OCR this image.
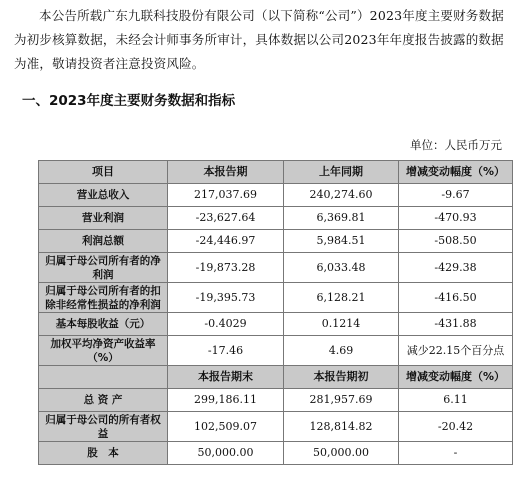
本公告所载广东九联科技股份有限公司（以下简称“公司”）2023年度主要财务数据为初步核算数据，未经会计师事务所审计，具体数据以公司2023年年度报告披露的数据为准，敬请投资者注意投资风险。
一、2023年度主要财务数据和指标
单位：人民币万元
项目	本报告期	上年同期	增减变动幅度（%）
营业总收入	217,037.69	240,274.60	-9.67
营业利润	-23,627.64	6,369.81	-470.93
利润总额	-24,446.97	5,984.51	-508.50
归属于母公司所有者的净利润	-19,873.28	6,033.48	-429.38
归属于母公司所有者的扣除非经常性损益的净利润	-19,395.73	6,128.21	-416.50
基本每股收益（元）	-0.4029	0.1214	-431.88
加权平均净资产收益率（%）	-17.46	4.69	减少22.15个百分点
	本报告期末	本报告期初	增减变动幅度（%）
总 资 产	299,186.11	281,957.69	6.11
归属于母公司的所有者权益	102,509.07	128,814.82	-20.42
股　本	50,000.00	50,000.00	-
